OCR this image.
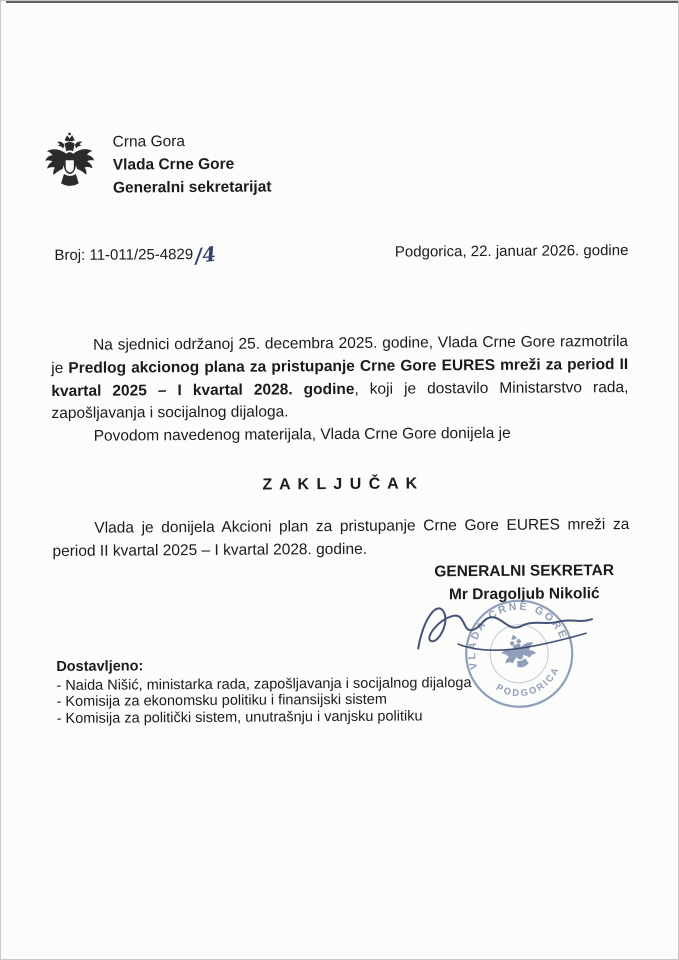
Crna Gora
Vlada Crne Gore
Generalni sekretarijat
Broj: 11-011/25-4829/4	Podgorica, 22. januar 2026. godine

Na sjednici održanoj 25. decembra 2025. godine, Vlada Crne Gore razmotrila je Predlog akcionog plana za pristupanje Crne Gore EURES mreži za period II kvartal 2025 – I kvartal 2028. godine, koji je dostavilo Ministarstvo rada, zapošljavanja i socijalnog dijaloga.

Povodom navedenog materijala, Vlada Crne Gore donijela je

Z A K L J U Č A K

Vlada je donijela Akcioni plan za pristupanje Crne Gore EURES mreži za period II kvartal 2025 – I kvartal 2028. godine.

GENERALNI SEKRETAR
Mr Dragoljub Nikolić
VLADA CRNE GORE
PODGORICA
Dostavljeno:
- Naida Nišić, ministarka rada, zapošljavanja i socijalnog dijaloga
- Komisija za ekonomsku politiku i finansijski sistem
- Komisija za politički sistem, unutrašnju i vanjsku politiku
